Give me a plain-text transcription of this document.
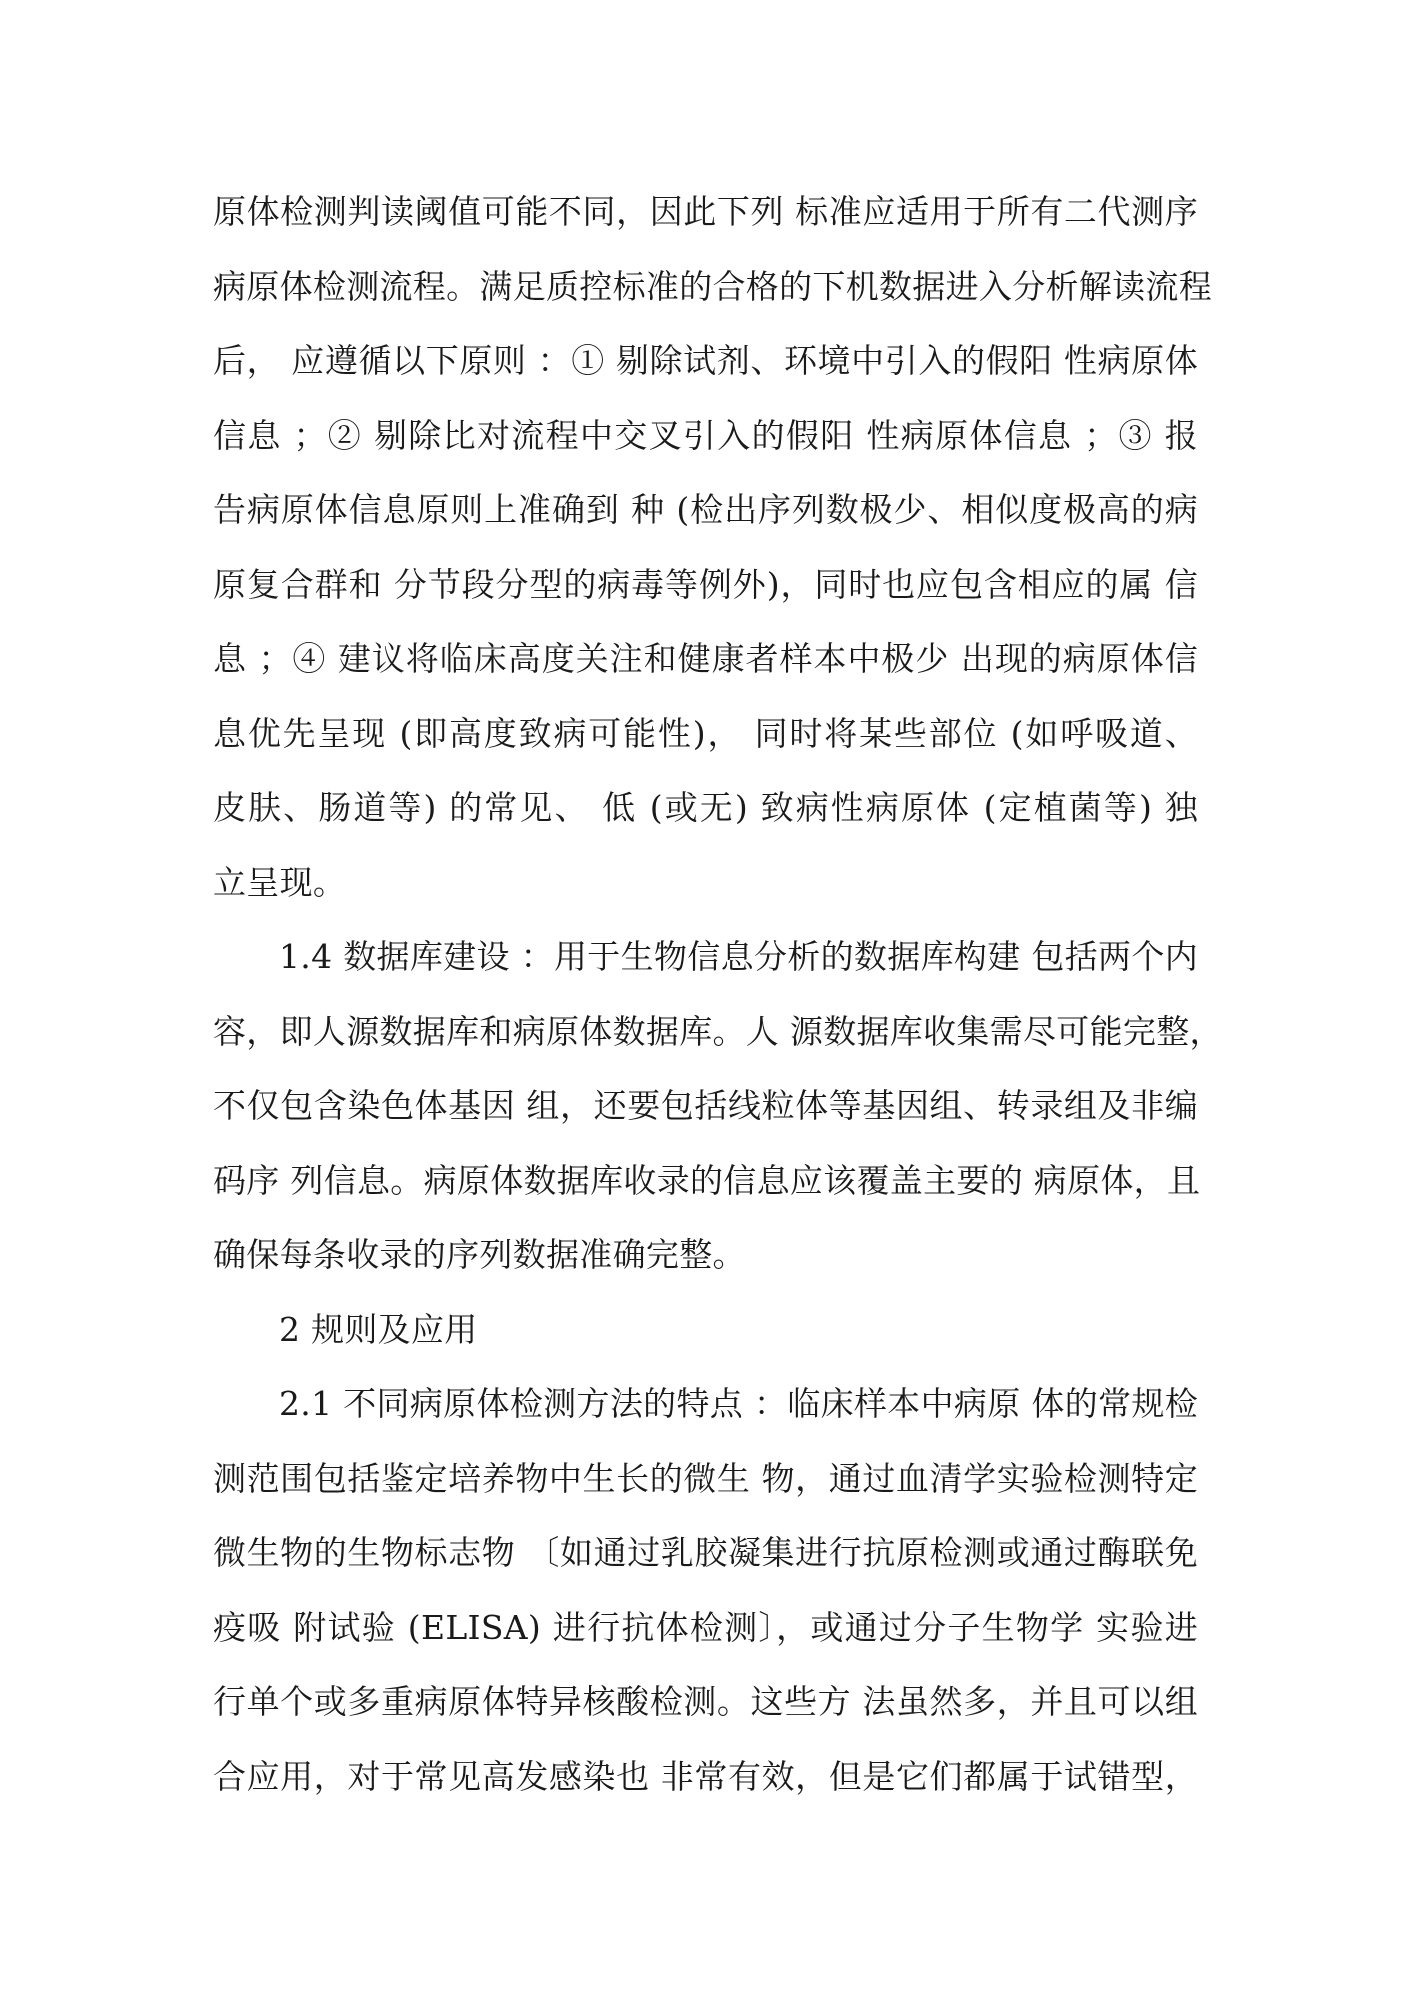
原体检测判读阈值可能不同，因此下列 标准应适用于所有二代测序
病原体检测流程。满足质控标准的合格的下机数据进入分析解读流程
后， 应遵循以下原则 ：① 剔除试剂、环境中引入的假阳 性病原体
信息 ；② 剔除比对流程中交叉引入的假阳 性病原体信息 ；③ 报
告病原体信息原则上准确到 种 (检出序列数极少、相似度极高的病
原复合群和 分节段分型的病毒等例外)，同时也应包含相应的属 信
息 ；④ 建议将临床高度关注和健康者样本中极少 出现的病原体信
息优先呈现 (即高度致病可能性)， 同时将某些部位 (如呼吸道、
皮肤、肠道等) 的常见、 低 (或无) 致病性病原体 (定植菌等) 独
立呈现。
1.4 数据库建设 ：用于生物信息分析的数据库构建 包括两个内
容，即人源数据库和病原体数据库。人 源数据库收集需尽可能完整，
不仅包含染色体基因 组，还要包括线粒体等基因组、转录组及非编
码序 列信息。病原体数据库收录的信息应该覆盖主要的 病原体，且
确保每条收录的序列数据准确完整。
2 规则及应用
2.1 不同病原体检测方法的特点 ：临床样本中病原 体的常规检
测范围包括鉴定培养物中生长的微生 物，通过血清学实验检测特定
微生物的生物标志物 〔如通过乳胶凝集进行抗原检测或通过酶联免
疫吸 附试验 (ELISA) 进行抗体检测〕，或通过分子生物学 实验进
行单个或多重病原体特异核酸检测。这些方 法虽然多，并且可以组
合应用，对于常见高发感染也 非常有效，但是它们都属于试错型，
